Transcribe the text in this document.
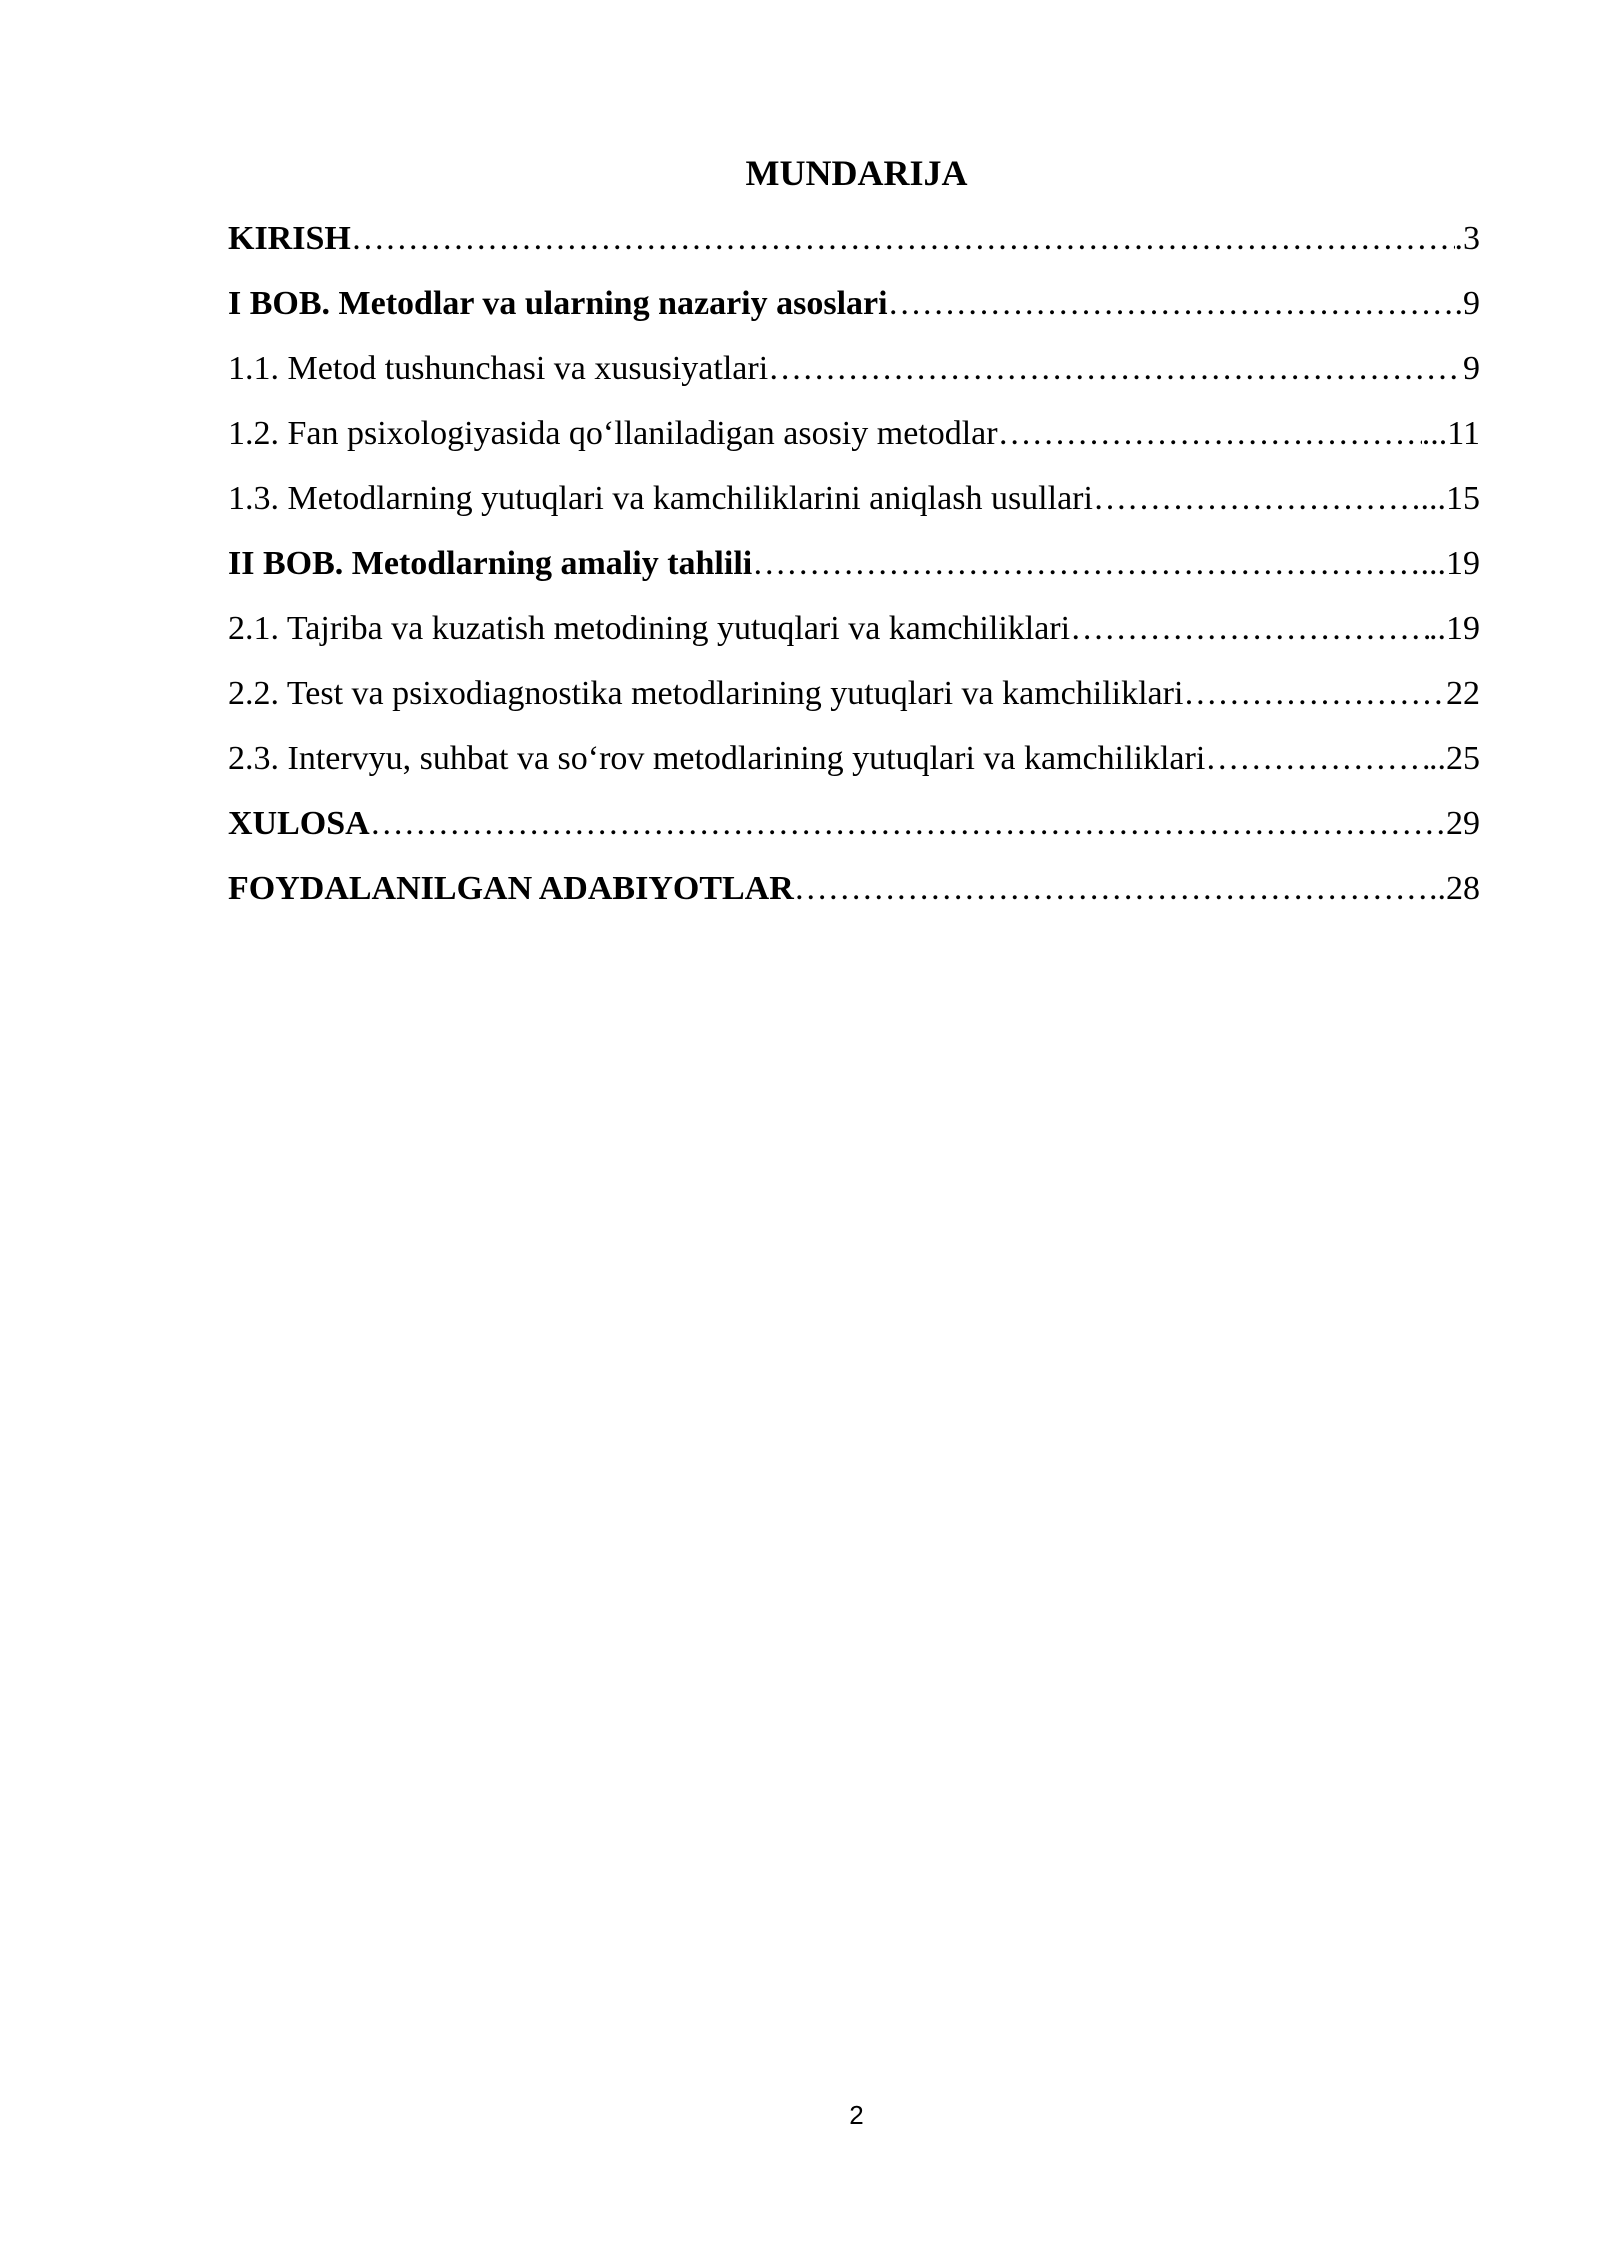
MUNDARIJA
KIRISH ………………………………………………………………………………………………………………………………………………	.3
I BOB. Metodlar va ularning nazariy asoslari ………………………………………………………………………………………………………………………………………………	.9
1.1. Metod tushunchasi va xususiyatlari ………………………………………………………………………………………………………………………………………………	9
1.2. Fan psixologiyasida qo‘llaniladigan asosiy metodlar ………………………………………………………………………………………………………………………………………………	...11
1.3. Metodlarning yutuqlari va kamchiliklarini aniqlash usullari ………………………………………………………………………………………………………………………………………………	...15
II BOB. Metodlarning amaliy tahlili ………………………………………………………………………………………………………………………………………………	...19
2.1. Tajriba va kuzatish metodining yutuqlari va kamchiliklari ………………………………………………………………………………………………………………………………………………	..19
2.2. Test va psixodiagnostika metodlarining yutuqlari va kamchiliklari ………………………………………………………………………………………………………………………………………………	22
2.3. Intervyu, suhbat va so‘rov metodlarining yutuqlari va kamchiliklari ………………………………………………………………………………………………………………………………………………	..25
XULOSA ………………………………………………………………………………………………………………………………………………	29
FOYDALANILGAN ADABIYOTLAR ………………………………………………………………………………………………………………………………………………	..28
2
